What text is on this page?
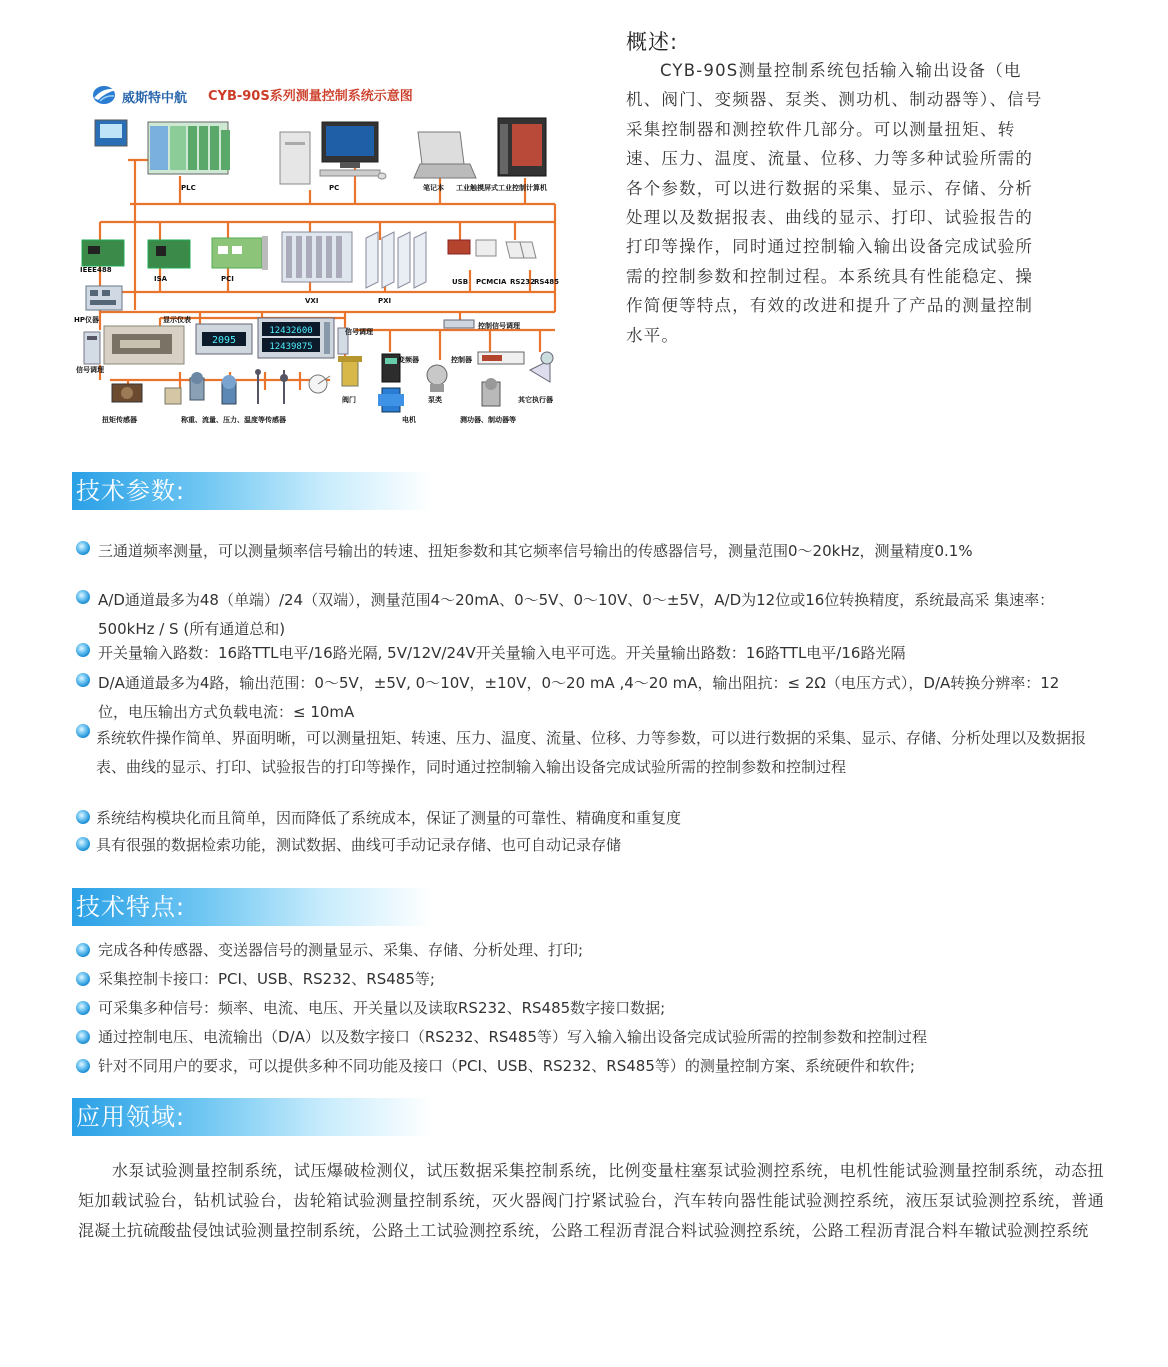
威斯特中航 CYB-90S系列测量控制系统示意图
2095
12432600
12439875
PLC	PC	笔记本 工业触摸屏式工业控制计算机
IEEE488
ISA	PCI
VXI	PXI
USB PCMCIA RS232
RS485
HP仪器	显示仪表
信号调理
信号调理
控制信号调理
变频器	控制器
阀门	泵类
电机
其它执行器
扭矩传感器	称重、流量、压力、温度等传感器	测功器、制动器等
概述:
CYB-90S测量控制系统包括输入输出设备（电机、阀门、变频器、泵类、测功机、制动器等）、信号采集控制器和测控软件几部分。可以测量扭矩、转速、压力、温度、流量、位移、力等多种试验所需的各个参数，可以进行数据的采集、显示、存储、分析处理以及数据报表、曲线的显示、打印、试验报告的打印等操作，同时通过控制输入输出设备完成试验所需的控制参数和控制过程。本系统具有性能稳定、操作简便等特点，有效的改进和提升了产品的测量控制水平。
技术参数:
三通道频率测量，可以测量频率信号输出的转速、扭矩参数和其它频率信号输出的传感器信号，测量范围0～20kHz，测量精度0.1%
A/D通道最多为48（单端）/24（双端），测量范围4～20mA、0～5V、0～10V、0～±5V，A/D为12位或16位转换精度，系统最高采 集速率：500kHz / S (所有通道总和)
开关量输入路数：16路TTL电平/16路光隔, 5V/12V/24V开关量输入电平可选。开关量输出路数：16路TTL电平/16路光隔
D/A通道最多为4路，输出范围：0～5V，±5V, 0～10V，±10V，0～20 mA ,4～20 mA，输出阻抗：≤ 2Ω（电压方式），D/A转换分辨率：12位，电压输出方式负载电流：≤ 10mA
系统软件操作简单、界面明晰，可以测量扭矩、转速、压力、温度、流量、位移、力等参数，可以进行数据的采集、显示、存储、分析处理以及数据报表、曲线的显示、打印、试验报告的打印等操作，同时通过控制输入输出设备完成试验所需的控制参数和控制过程
系统结构模块化而且简单，因而降低了系统成本，保证了测量的可靠性、精确度和重复度
具有很强的数据检索功能，测试数据、曲线可手动记录存储、也可自动记录存储
技术特点:
完成各种传感器、变送器信号的测量显示、采集、存储、分析处理、打印;
采集控制卡接口：PCI、USB、RS232、RS485等;
可采集多种信号：频率、电流、电压、开关量以及读取RS232、RS485数字接口数据;
通过控制电压、电流输出（D/A）以及数字接口（RS232、RS485等）写入输入输出设备完成试验所需的控制参数和控制过程
针对不同用户的要求，可以提供多种不同功能及接口（PCI、USB、RS232、RS485等）的测量控制方案、系统硬件和软件;
应用领域:
水泵试验测量控制系统，试压爆破检测仪，试压数据采集控制系统，比例变量柱塞泵试验测控系统，电机性能试验测量控制系统，动态扭矩加载试验台，钻机试验台，齿轮箱试验测量控制系统，灭火器阀门拧紧试验台，汽车转向器性能试验测控系统，液压泵试验测控系统，普通混凝土抗硫酸盐侵蚀试验测量控制系统，公路土工试验测控系统，公路工程沥青混合料试验测控系统，公路工程沥青混合料车辙试验测控系统
